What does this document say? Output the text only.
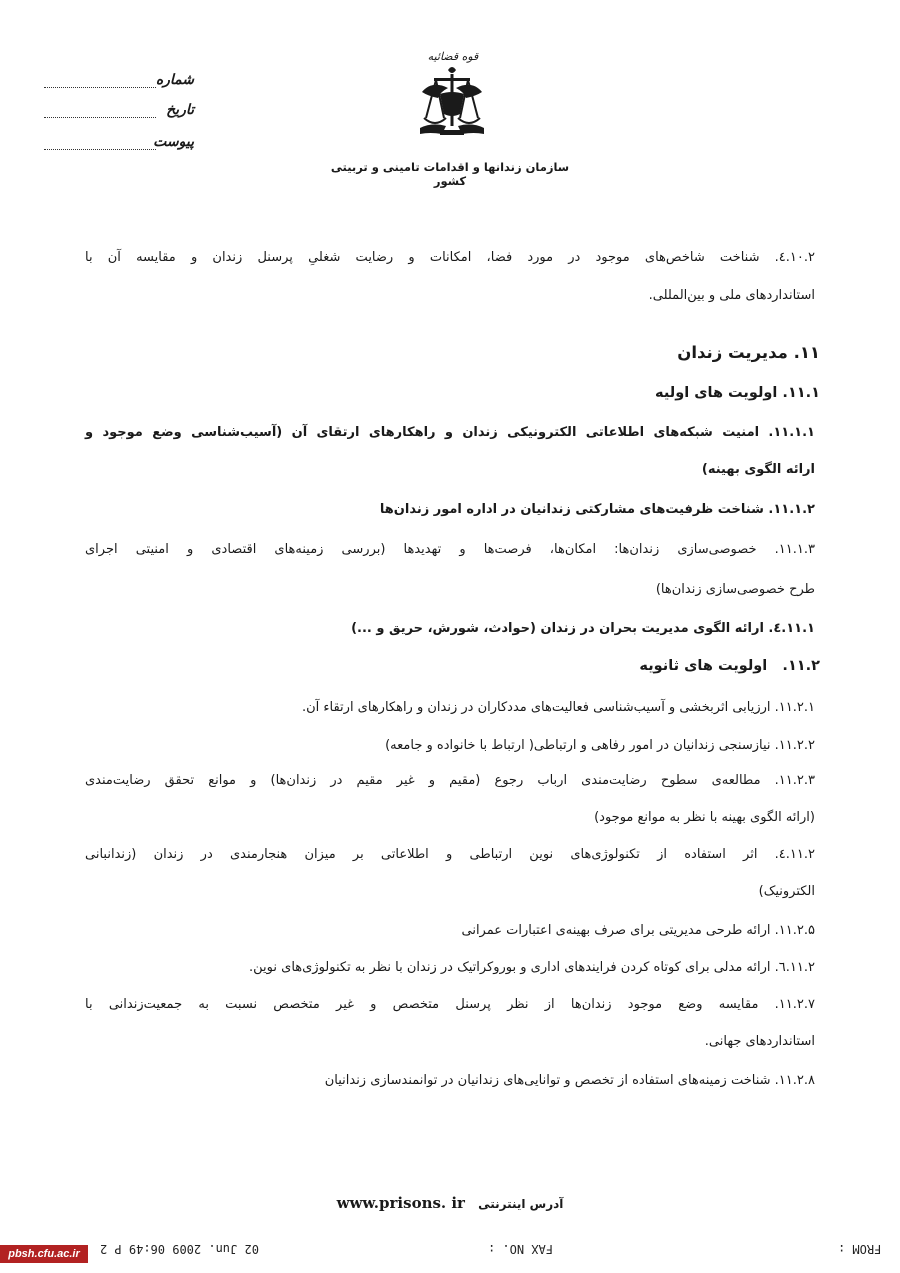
شماره
تاریخ
پیوست
قوه قضائیه
سازمان زندانها و اقدامات تامینی و تربیتی کشور
۱۰.۲.٤. شناخت شاخص‌های موجود در مورد فضا، امکانات و رضایت شغلیِ پرسنل زندان و مقایسه آن با
استانداردهای ملی و بین‌المللی.
۱۱. مدیریت زندان
۱۱.۱. اولویت های اولیه
۱۱.۱.۱. امنیت شبکه‌های اطلاعاتی الکترونیکی زندان و راهکارهای ارتقای آن (آسیب‌شناسی وضع موجود و
ارائه الگوی بهینه)
۱۱.۱.۲. شناخت ظرفیت‌های مشارکتی زندانیان در اداره امور زندان‌ها
۱۱.۱.۳. خصوصی‌سازی زندان‌ها: امکان‌ها، فرصت‌ها و تهدیدها (بررسی زمینه‌های اقتصادی و امنیتی اجرای
طرح خصوصی‌سازی زندان‌ها)
۱۱.۱.٤. ارائه الگوی مدیریت بحران در زندان (حوادث، شورش، حریق و ...)
۱۱.۲.   اولویت های ثانویه
۱۱.۲.۱. ارزیابی اثربخشی و آسیب‌شناسی فعالیت‌های مددکاران در زندان و راهکارهای ارتقاء آن.
۱۱.۲.۲. نیازسنجی زندانیان در امور رفاهی و ارتباطی( ارتباط با خانواده و جامعه)
۱۱.۲.۳. مطالعه‌ی سطوح رضایت‌مندی ارباب رجوع (مقیم و غیر مقیم در زندان‌ها) و موانع تحقق رضایت‌مندی
(ارائه الگوی بهینه با نظر به موانع موجود)
۱۱.۲.٤. اثر استفاده از تکنولوژی‌های نوین ارتباطی و اطلاعاتی بر میزان هنجارمندی در زندان (زندانبانی
الکترونیک)
۱۱.۲.۵. ارائه طرحی مدیریتی برای صرف بهینه‌ی اعتبارات عمرانی
۱۱.۲.٦. ارائه مدلی برای کوتاه کردن فرایندهای اداری و بوروکراتیک در زندان با نظر به تکنولوژی‌های نوین.
۱۱.۲.۷. مقایسه وضع موجود زندان‌ها از نظر پرسنل متخصص و غیر متخصص نسبت به جمعیت‌زندانی با
استانداردهای جهانی.
۱۱.۲.۸. شناخت زمینه‌های استفاده از تخصص و توانایی‌های زندانیان در توانمندسازی زندانیان
آدرس اینترنتی www.prisons. ir
02 Jun. 2009 06:49 P 2	FAX NO. :	FROM :
pbsh.cfu.ac.ir
